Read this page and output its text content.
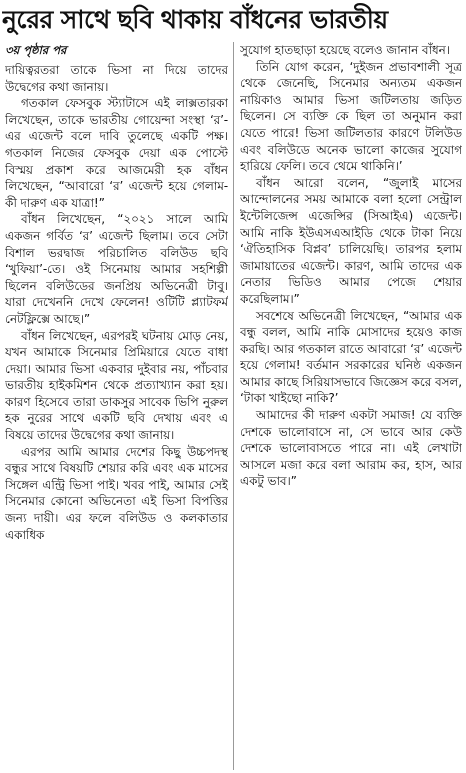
নুরের সাথে ছবি থাকায় বাঁধনের ভারতীয়
৩য় পৃষ্ঠার পর

দায়িত্বরতরা তাকে ভিসা না দিয়ে তাদের উদ্বেগের কথা জানায়।

গতকাল ফেসবুক স্ট্যাটাসে এই লাক্সতারকা লিখেছেন, তাকে ভারতীয় গোয়েন্দা সংস্থা ‘র’-এর এজেন্ট বলে দাবি তুলেছে একটি পক্ষ। গতকাল নিজের ফেসবুক দেয়া এক পোস্টে বিস্ময় প্রকাশ করে আজমেরী হক বাঁধন লিখেছেন, “আবারো ‘র’ এজেন্ট হয়ে গেলাম- কী দারুণ এক যাত্রা!”

বাঁধন লিখেছেন, “২০২১ সালে আমি একজন গর্বিত ‘র’ এজেন্ট ছিলাম। তবে সেটা বিশাল ভরদ্বাজ পরিচালিত বলিউড ছবি ‘খুফিয়া’-তে। ওই সিনেমায় আমার সহশিল্পী ছিলেন বলিউডের জনপ্রিয় অভিনেত্রী টাবু। যারা দেখেননি দেখে ফেলেন! ওটিটি প্ল্যাটফর্ম নেটফ্লিক্সে আছে।”

বাঁধন লিখেছেন, এরপরই ঘটনায় মোড় নেয়, যখন আমাকে সিনেমার প্রিমিয়ারে যেতে বাধা দেয়া। আমার ভিসা একবার দুইবার নয়, পাঁচবার ভারতীয় হাইকমিশন থেকে প্রত্যাখ্যান করা হয়। কারণ হিসেবে তারা ডাকসুর সাবেক ভিপি নুরুল হক নুরের সাথে একটি ছবি দেখায় এবং এ বিষয়ে তাদের উদ্বেগের কথা জানায়।

এরপর আমি আমার দেশের কিছু উচ্চপদস্থ বন্ধুর সাথে বিষয়টি শেয়ার করি এবং এক মাসের সিঙ্গেল এন্ট্রি ভিসা পাই। খবর পাই, আমার সেই সিনেমার কোনো অভিনেতা এই ভিসা বিপত্তির জন্য দায়ী। এর ফলে বলিউড ও কলকাতার একাধিক

সুযোগ হাতছাড়া হয়েছে বলেও জানান বাঁধন।

তিনি যোগ করেন, ‘দুইজন প্রভাবশালী সূত্র থেকে জেনেছি, সিনেমার অন্যতম একজন নায়িকাও আমার ভিসা জটিলতায় জড়িত ছিলেন। সে ব্যক্তি কে ছিল তা অনুমান করা যেতে পারে! ভিসা জটিলতার কারণে টলিউড এবং বলিউডে অনেক ভালো কাজের সুযোগ হারিয়ে ফেলি। তবে থেমে থাকিনি।’

বাঁধন আরো বলেন, “জুলাই মাসের আন্দোলনের সময় আমাকে বলা হলো সেন্ট্রাল ইন্টেলিজেন্স এজেন্সির (সিআইএ) এজেন্ট। আমি নাকি ইউএসএআইডি থেকে টাকা নিয়ে ‘ঐতিহাসিক বিপ্লব’ চালিয়েছি। তারপর হলাম জামায়াতের এজেন্ট। কারণ, আমি তাদের এক নেতার ভিডিও আমার পেজে শেয়ার করেছিলাম।”

সবশেষে অভিনেত্রী লিখেছেন, “আমার এক বন্ধু বলল, আমি নাকি মোসাদের হয়েও কাজ করছি। আর গতকাল রাতে আবারো ‘র’ এজেন্ট হয়ে গেলাম! বর্তমান সরকারের ঘনিষ্ঠ একজন আমার কাছে সিরিয়াসভাবে জিজ্ঞেস করে বসল, ‘টাকা খাইছো নাকি?’

আমাদের কী দারুণ একটা সমাজ! যে ব্যক্তি দেশকে ভালোবাসে না, সে ভাবে আর কেউ দেশকে ভালোবাসতে পারে না। এই লেখাটা আসলে মজা করে বলা আরাম কর, হাস, আর একটু ভাব।”
